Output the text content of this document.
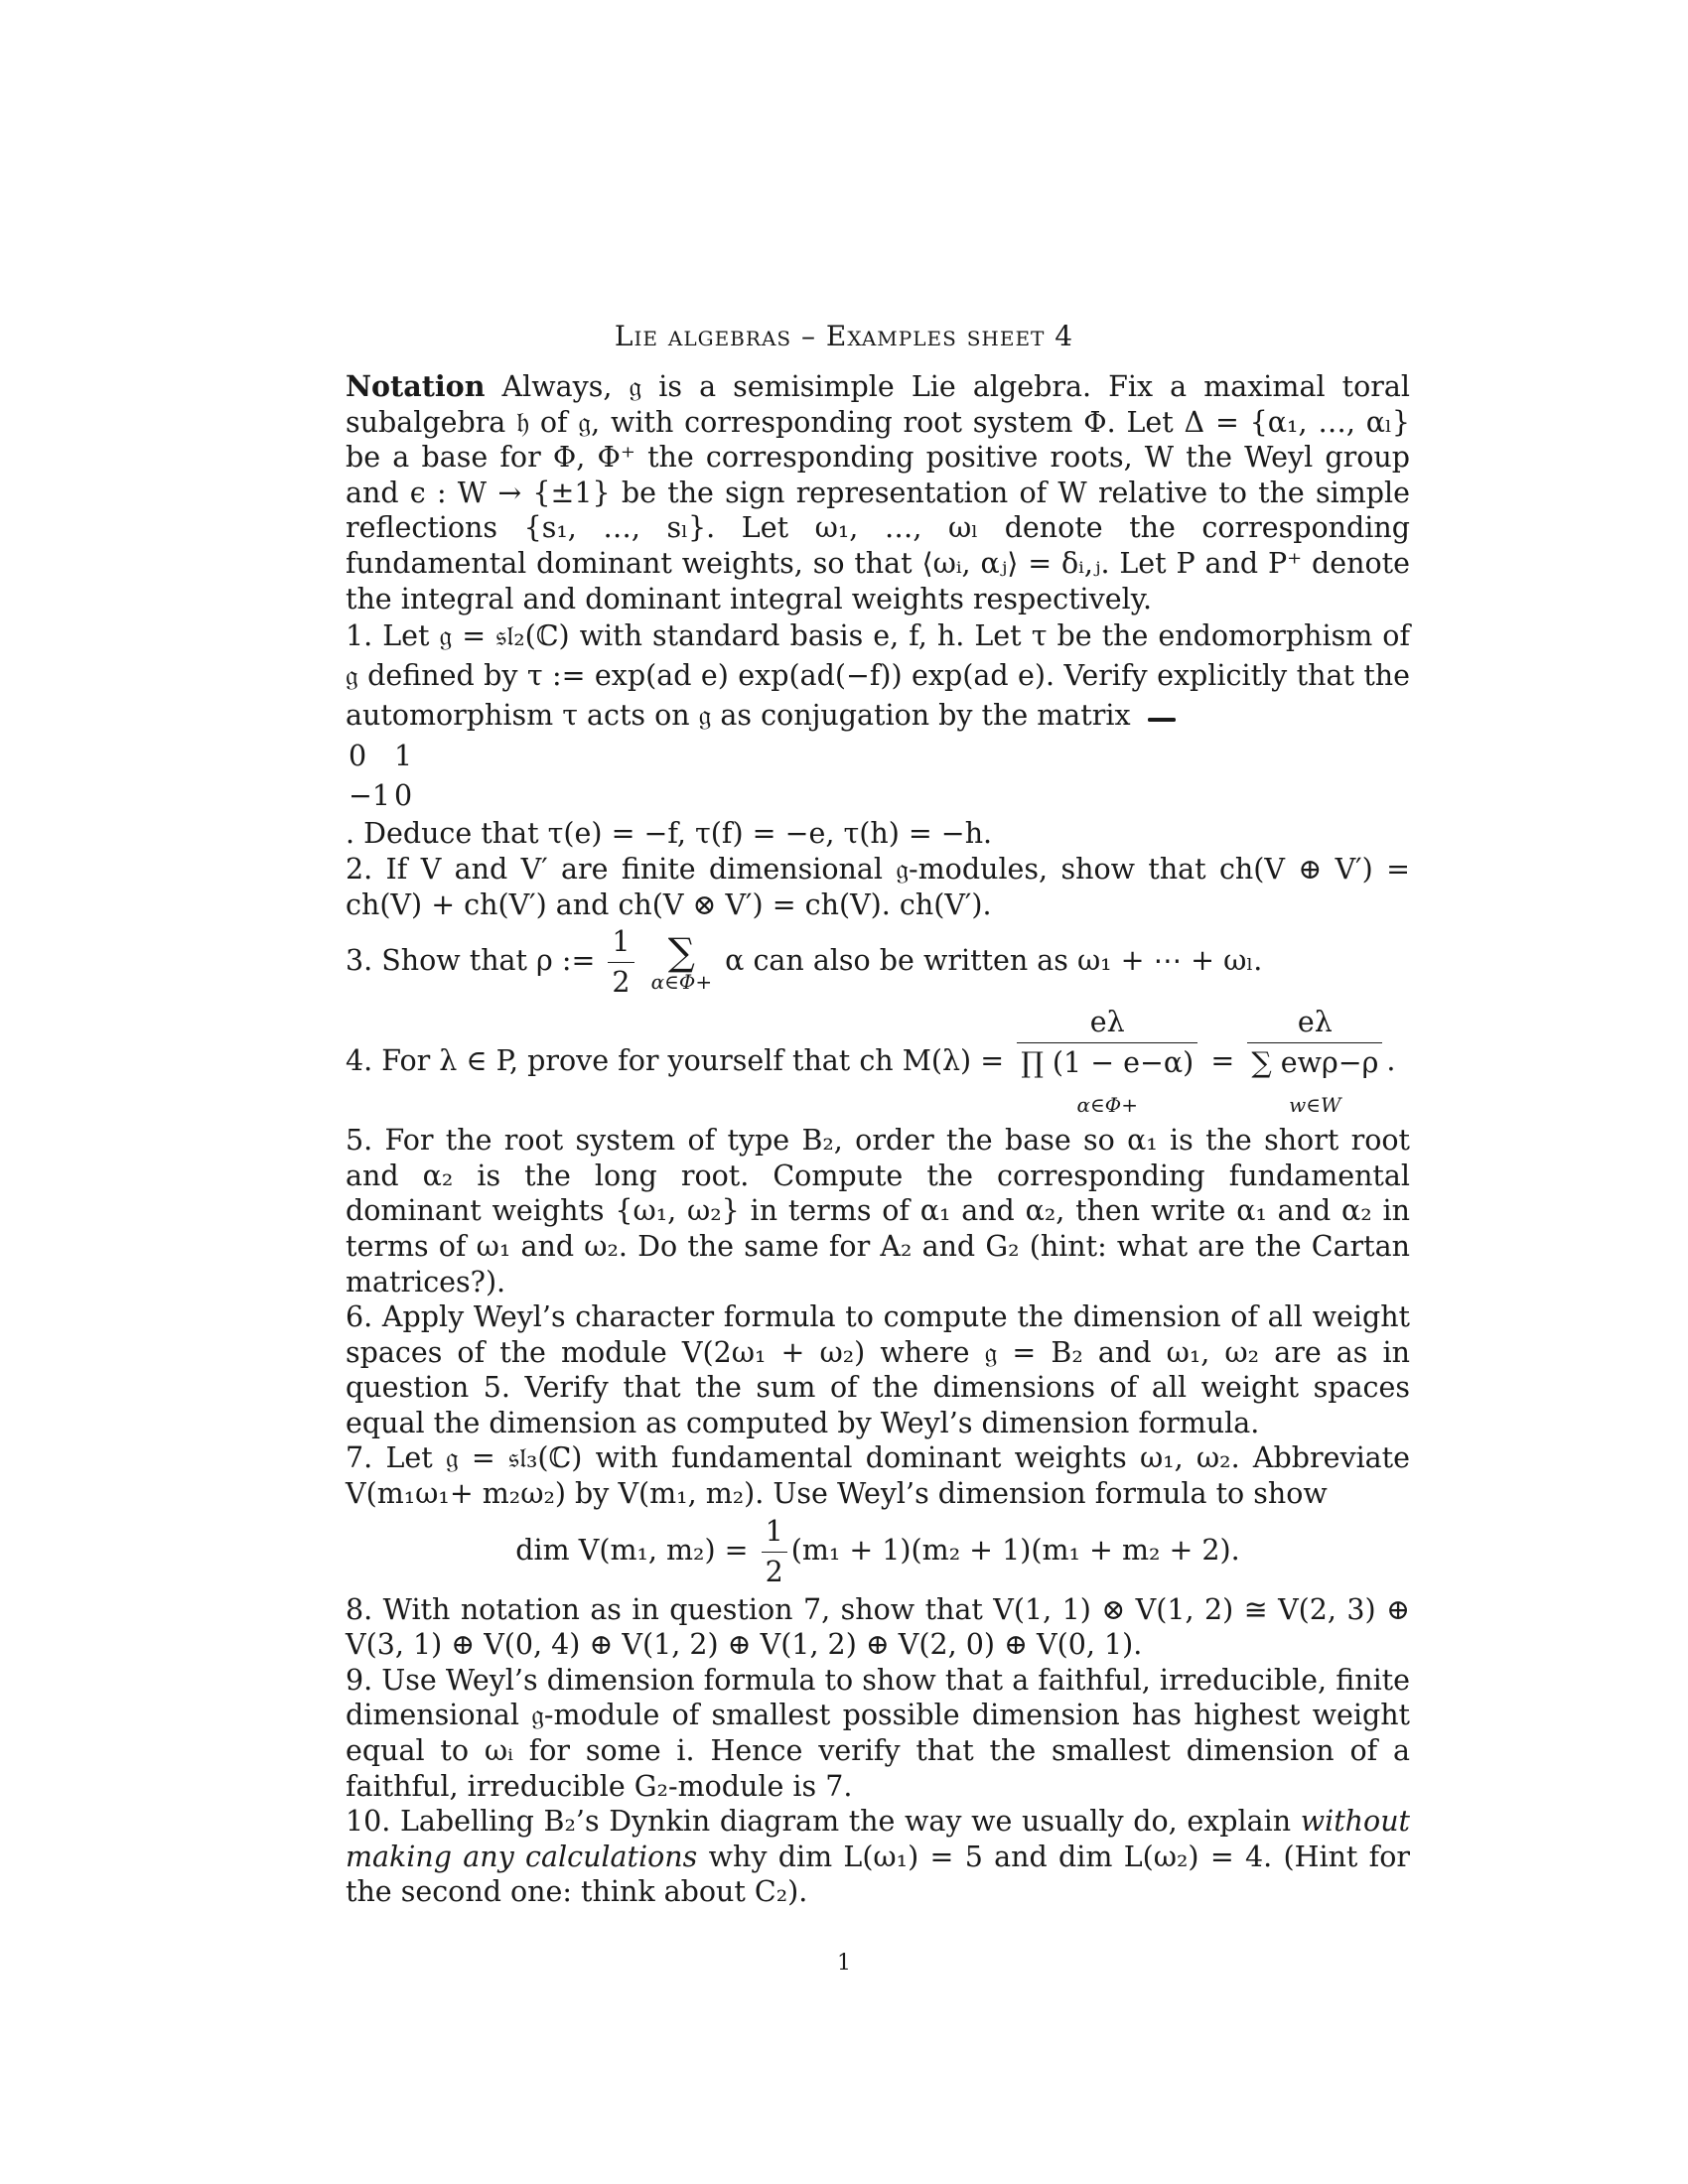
Lie algebras – Examples sheet 4

Notation Always, 𝔤 is a semisimple Lie algebra. Fix a maximal toral subalgebra 𝔥 of 𝔤, with corresponding root system Φ. Let Δ = {α₁, …, αₗ} be a base for Φ, Φ⁺ the corresponding positive roots, W the Weyl group and ϵ : W → {±1} be the sign representation of W relative to the simple reflections {s₁, …, sₗ}. Let ω₁, …, ωₗ denote the corresponding fundamental dominant weights, so that ⟨ωᵢ, αⱼ⟩ = δᵢ,ⱼ. Let P and P⁺ denote the integral and dominant integral weights respectively.

1. Let 𝔤 = 𝔰𝔩₂(ℂ) with standard basis e, f, h. Let τ be the endomorphism of 𝔤 defined by τ := exp(ad e) exp(ad(−f)) exp(ad e). Verify explicitly that the automorphism τ acts on 𝔤 as conjugation by the matrix

0	1
−1	0
. Deduce that τ(e) = −f, τ(f) = −e, τ(h) = −h.

2. If V and V′ are finite dimensional 𝔤-modules, show that ch(V ⊕ V′) = ch(V) + ch(V′) and ch(V ⊗ V′) = ch(V). ch(V′).

3. Show that ρ := $\frac{1}{2}$
∑
α∈Φ+
α can also be written as ω₁ + ⋯ + ωₗ.

4. For λ ∈ P, prove for yourself that ch M(λ) =
eλ
∏ (1 − e−α)
α∈Φ+
=
eλ
∑ ewρ−ρ
w∈W
.

5. For the root system of type B₂, order the base so α₁ is the short root and α₂ is the long root. Compute the corresponding fundamental dominant weights {ω₁, ω₂} in terms of α₁ and α₂, then write α₁ and α₂ in terms of ω₁ and ω₂. Do the same for A₂ and G₂ (hint: what are the Cartan matrices?).

6. Apply Weyl’s character formula to compute the dimension of all weight spaces of the module V(2ω₁ + ω₂) where 𝔤 = B₂ and ω₁, ω₂ are as in question 5. Verify that the sum of the dimensions of all weight spaces equal the dimension as computed by Weyl’s dimension formula.

7. Let 𝔤 = 𝔰𝔩₃(ℂ) with fundamental dominant weights ω₁, ω₂. Abbreviate V(m₁ω₁+ m₂ω₂) by V(m₁, m₂). Use Weyl’s dimension formula to show

dim V(m₁, $m_2) = \frac{1}{2} (m_1 + 1)(m_2 + 1)(m_1 + m_2 + 2)$.

8. With notation as in question 7, show that V(1, 1) ⊗ V(1, 2) ≅ V(2, 3) ⊕ V(3, 1) ⊕ V(0, 4) ⊕ V(1, 2) ⊕ V(1, 2) ⊕ V(2, 0) ⊕ V(0, 1).

9. Use Weyl’s dimension formula to show that a faithful, irreducible, finite dimensional 𝔤-module of smallest possible dimension has highest weight equal to ωᵢ for some i. Hence verify that the smallest dimension of a faithful, irreducible G₂-module is 7.

10. Labelling B₂’s Dynkin diagram the way we usually do, explain without making any calculations why dim L(ω₁) = 5 and dim L(ω₂) = 4. (Hint for the second one: think about C₂).

1
